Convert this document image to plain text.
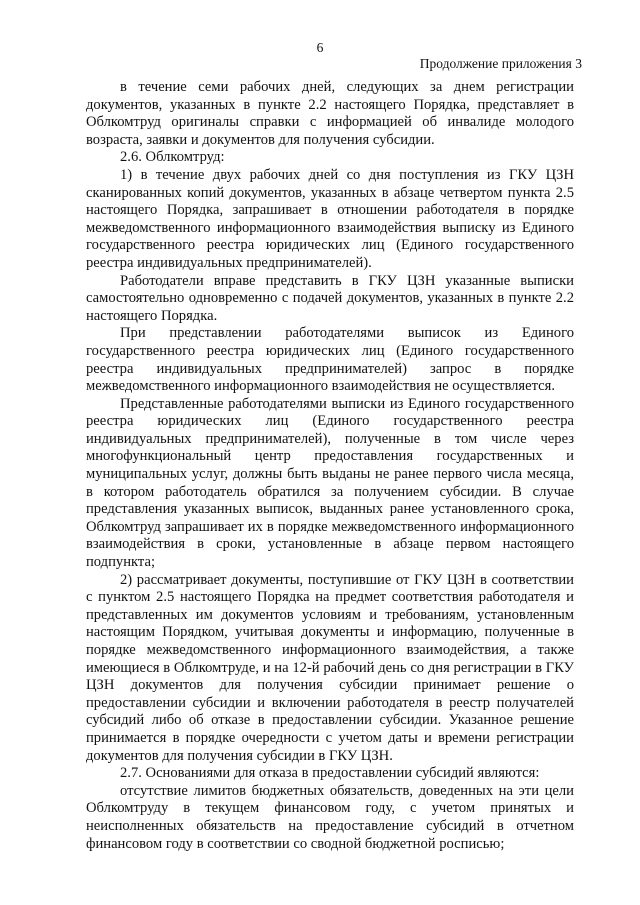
6
Продолжение приложения 3

в течение семи рабочих дней, следующих за днем регистрации документов, указанных в пункте 2.2 настоящего Порядка, представляет в Облкомтруд оригиналы справки с информацией об инвалиде молодого возраста, заявки и документов для получения субсидии.

2.6. Облкомтруд:

1) в течение двух рабочих дней со дня поступления из ГКУ ЦЗН сканированных копий документов, указанных в абзаце четвертом пункта 2.5 настоящего Порядка, запрашивает в отношении работодателя в порядке межведомственного информационного взаимодействия выписку из Единого государственного реестра юридических лиц (Единого государственного реестра индивидуальных предпринимателей).

Работодатели вправе представить в ГКУ ЦЗН указанные выписки самостоятельно одновременно с подачей документов, указанных в пункте 2.2 настоящего Порядка.

При представлении работодателями выписок из Единого государственного реестра юридических лиц (Единого государственного реестра индивидуальных предпринимателей) запрос в порядке межведомственного информационного взаимодействия не осуществляется.

Представленные работодателями выписки из Единого государственного реестра юридических лиц (Единого государственного реестра индивидуальных предпринимателей), полученные в том числе через многофункциональный центр предоставления государственных и муниципальных услуг, должны быть выданы не ранее первого числа месяца, в котором работодатель обратился за получением субсидии. В случае представления указанных выписок, выданных ранее установленного срока, Облкомтруд запрашивает их в порядке межведомственного информационного взаимодействия в сроки, установленные в абзаце первом настоящего подпункта;

2) рассматривает документы, поступившие от ГКУ ЦЗН в соответствии с пунктом 2.5 настоящего Порядка на предмет соответствия работодателя и представленных им документов условиям и требованиям, установленным настоящим Порядком, учитывая документы и информацию, полученные в порядке межведомственного информационного взаимодействия, а также имеющиеся в Облкомтруде, и на 12-й рабочий день со дня регистрации в ГКУ ЦЗН документов для получения субсидии принимает решение о предоставлении субсидии и включении работодателя в реестр получателей субсидий либо об отказе в предоставлении субсидии. Указанное решение принимается в порядке очередности с учетом даты и времени регистрации документов для получения субсидии в ГКУ ЦЗН.

2.7. Основаниями для отказа в предоставлении субсидий являются:

отсутствие лимитов бюджетных обязательств, доведенных на эти цели Облкомтруду в текущем финансовом году, с учетом принятых и неисполненных обязательств на предоставление субсидий в отчетном финансовом году в соответствии со сводной бюджетной росписью;
